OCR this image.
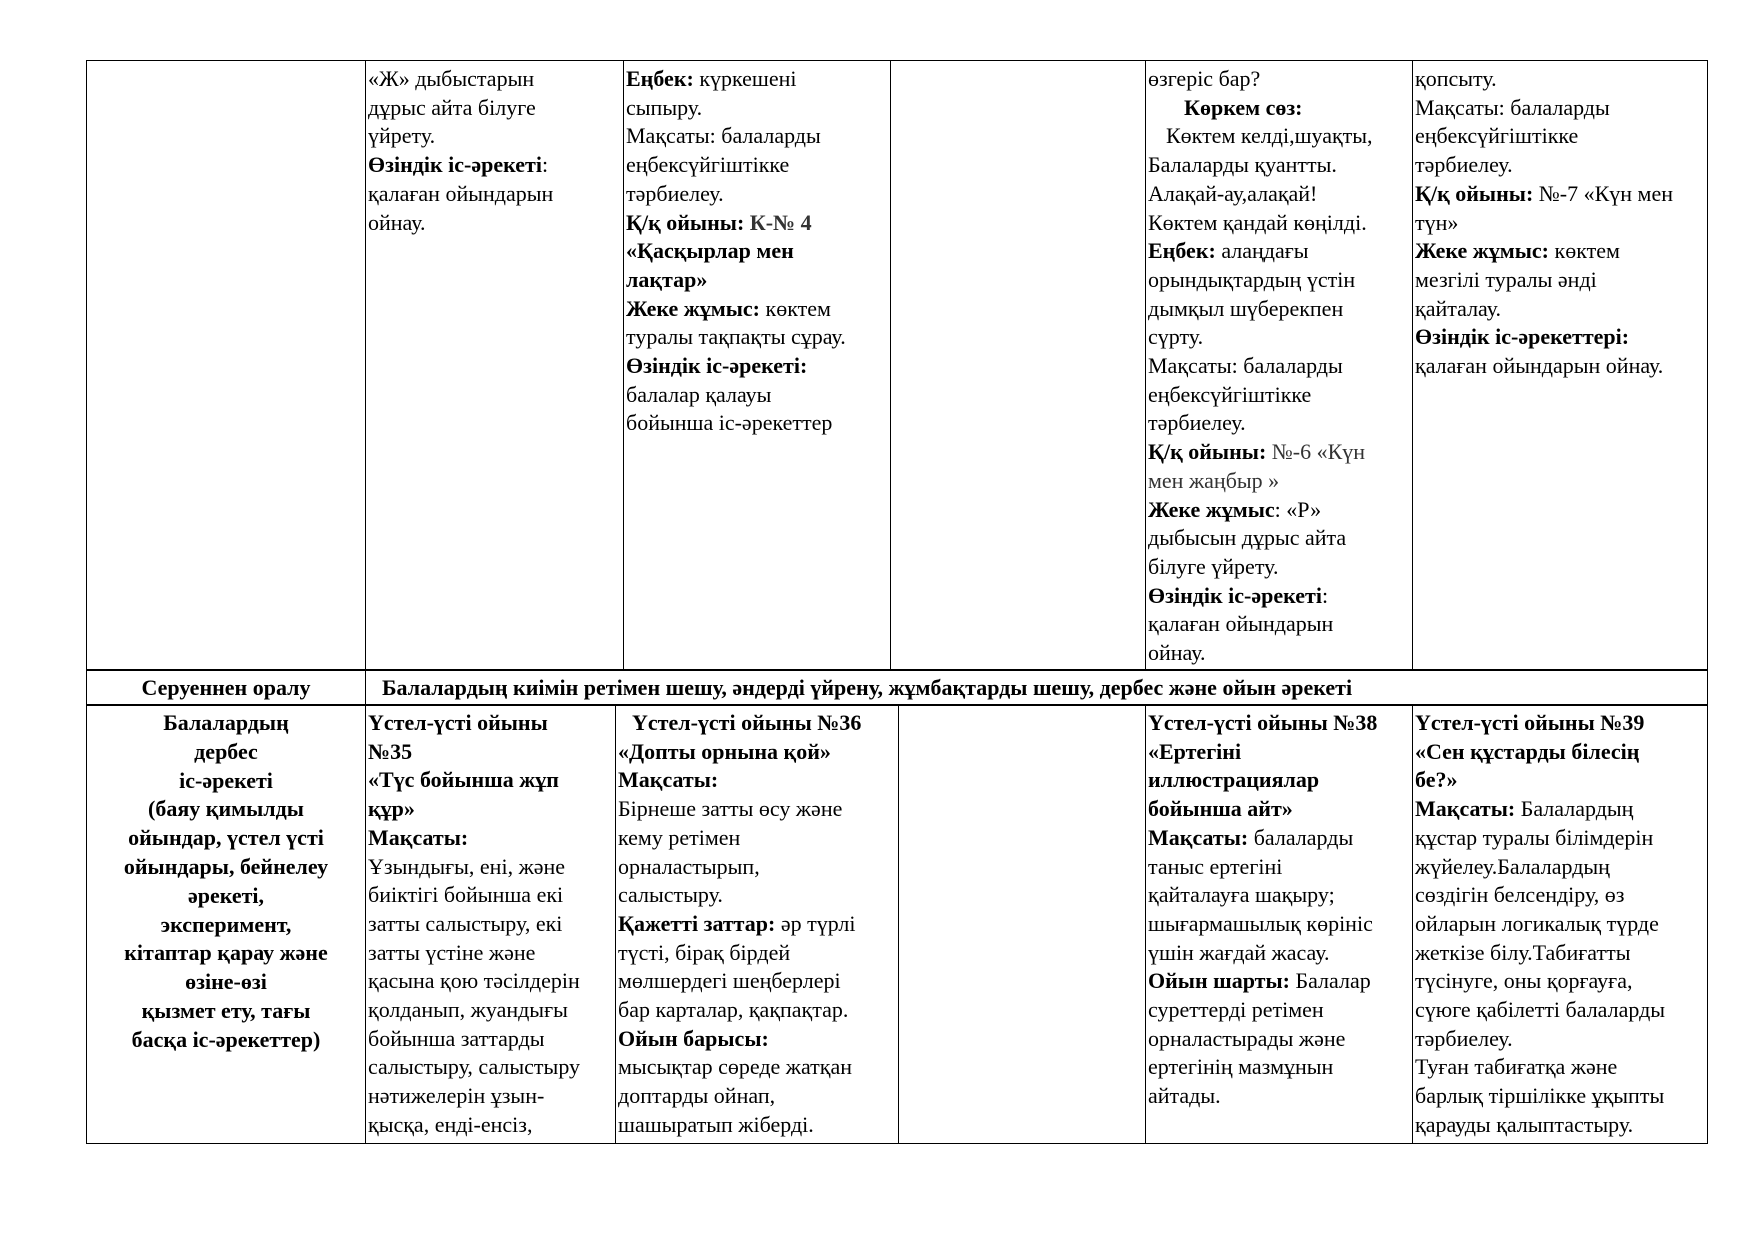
«Ж» дыбыстарын
дұрыс айта білуге
үйрету.
Өзіндік іс-әрекеті:
қалаған ойындарын
ойнау.
Еңбек: күркешені
сыпыру.
Мақсаты: балаларды
еңбексүйгіштікке
тәрбиелеу.
Қ/қ ойыны: К-№ 4
«Қасқырлар мен
лақтар»
Жеке жұмыс: көктем
туралы тақпақты сұрау.
Өзіндік іс-әрекеті:
балалар қалауы
бойынша іс-әрекеттер
өзгеріс бар?
Көркем сөз:
Көктем келді,шуақты,
Балаларды қуантты.
Алақай-ау,алақай!
Көктем қандай көңілді.
Еңбек: алаңдағы
орындықтардың үстін
дымқыл шүберекпен
сүрту.
Мақсаты: балаларды
еңбексүйгіштікке
тәрбиелеу.
Қ/қ ойыны: №-6 «Күн
мен жаңбыр »
Жеке жұмыс: «Р»
дыбысын дұрыс айта
білуге үйрету.
Өзіндік іс-әрекеті:
қалаған ойындарын
ойнау.
қопсыту.
Мақсаты: балаларды
еңбексүйгіштікке
тәрбиелеу.
Қ/қ ойыны: №-7 «Күн мен
түн»
Жеке жұмыс: көктем
мезгілі туралы әнді
қайталау.
Өзіндік іс-әрекеттері:
қалаған ойындарын ойнау.
Серуеннен оралу	Балалардың киімін ретімен шешу, әндерді үйрену, жұмбақтарды шешу, дербес және ойын әрекеті
Балалардың
дербес
іс-әрекеті
(баяу қимылды
ойындар, үстел үсті
ойындары, бейнелеу
әрекеті,
эксперимент,
кітаптар қарау және
өзіне-өзі
қызмет ету, тағы
басқа іс-әрекеттер)
Үстел-үсті ойыны
№35
«Түс бойынша жұп
құр»
Мақсаты:
Ұзындығы, ені, және
биіктігі бойынша екі
затты салыстыру, екі
затты үстіне және
қасына қою тәсілдерін
қолданып, жуандығы
бойынша заттарды
салыстыру, салыстыру
нәтижелерін ұзын-
қысқа, енді-енсіз,
Үстел-үсті ойыны №36
«Допты орнына қой»
Мақсаты:
Бірнеше затты өсу және
кему ретімен
орналастырып,
салыстыру.
Қажетті заттар: әр түрлі
түсті, бірақ бірдей
мөлшердегі шеңберлері
бар карталар, қақпақтар.
Ойын барысы:
мысықтар сөреде жатқан
доптарды ойнап,
шашыратып жіберді.
Үстел-үсті ойыны №38
«Ертегіні
иллюстрациялар
бойынша айт»
Мақсаты: балаларды
таныс ертегіні
қайталауға шақыру;
шығармашылық көрініс
үшін жағдай жасау.
Ойын шарты: Балалар
суреттерді ретімен
орналастырады және
ертегінің мазмұнын
айтады.
Үстел-үсті ойыны №39
«Сен құстарды білесің
бе?»
Мақсаты: Балалардың
құстар туралы білімдерін
жүйелеу.Балалардың
сөздігін белсендіру, өз
ойларын логикалық түрде
жеткізе білу.Табиғатты
түсінуге, оны қорғауға,
сүюге қабілетті балаларды
тәрбиелеу.
Туған табиғатқа және
барлық тіршілікке ұқыпты
қарауды қалыптастыру.
